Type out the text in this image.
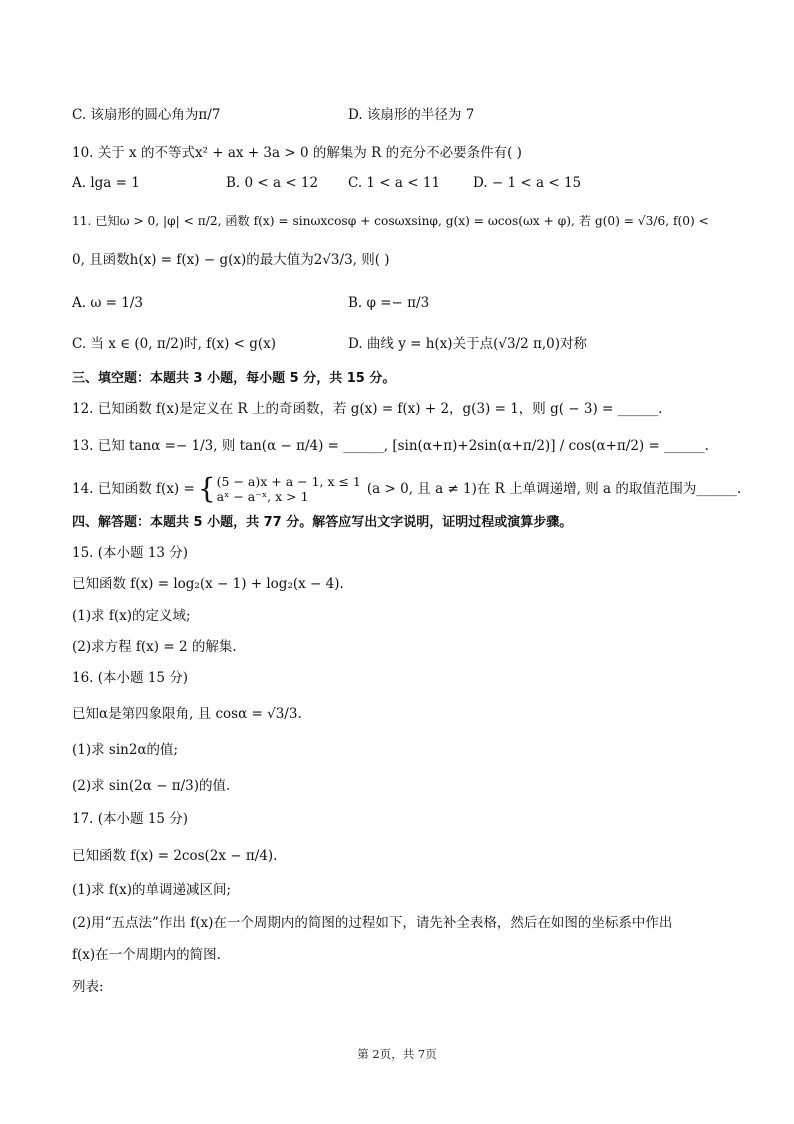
C. 该扇形的圆心角为π/7	D. 该扇形的半径为 7
10. 关于 x 的不等式x² + ax + 3a > 0 的解集为 R 的充分不必要条件有( )
A. lga = 1	B. 0 < a < 12 C. 1 < a < 11 D. − 1 < a < 15
11. 已知ω > 0, |φ| < π/2, 函数 f(x) = sinωxcosφ + cosωxsinφ, g(x) = ωcos(ωx + φ), 若 g(0) = √3/6, f(0) <
0, 且函数h(x) = f(x) − g(x)的最大值为2√3/3, 则( )
A. ω = 1/3	B. φ =− π/3
C. 当 x ∈ (0, π/2)时, f(x) < g(x)	D. 曲线 y = h(x)关于点(√3/2 π,0)对称
三、填空题：本题共 3 小题，每小题 5 分，共 15 分。
12. 已知函数 f(x)是定义在 R 上的奇函数，若 g(x) = f(x) + 2，g(3) = 1，则 g( − 3) = ______.
13. 已知 tanα =− 1/3, 则 tan(α − π/4) = ______, [sin(α+π)+2sin(α+π/2)] / cos(α+π/2) = ______.
14. 已知函数 f(x) = { (5 − a)x + a − 1, x ≤ 1
aˣ − a⁻ˣ, x > 1	(a > 0, 且 a ≠ 1)在 R 上单调递增, 则 a 的取值范围为______.
四、解答题：本题共 5 小题，共 77 分。解答应写出文字说明，证明过程或演算步骤。
15. (本小题 13 分)
已知函数 f(x) = log₂(x − 1) + log₂(x − 4).
(1)求 f(x)的定义域;
(2)求方程 f(x) = 2 的解集.
16. (本小题 15 分)
已知α是第四象限角, 且 cosα = √3/3.
(1)求 sin2α的值;
(2)求 sin(2α − π/3)的值.
17. (本小题 15 分)
已知函数 f(x) = 2cos(2x − π/4).
(1)求 f(x)的单调递减区间;
(2)用“五点法”作出 f(x)在一个周期内的简图的过程如下，请先补全表格，然后在如图的坐标系中作出
f(x)在一个周期内的简图.
列表:
第 2页，共 7页
